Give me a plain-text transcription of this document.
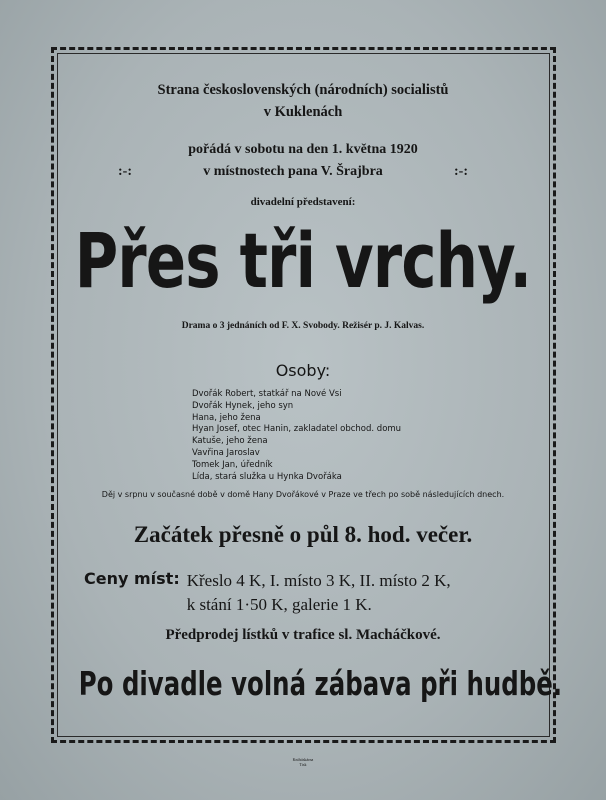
Strana československých (národních) socialistů
v Kuklenách
pořádá v sobotu na den 1. května 1920
:-:	v místnostech pana V. Šrajbra	:-:
divadelní představení:
Přes tři vrchy.
Drama o 3 jednáních od F. X. Svobody. Režisér p. J. Kalvas.
Osoby:
Dvořák Robert, statkář na Nové Vsi
Dvořák Hynek, jeho syn
Hana, jeho žena
Hyan Josef, otec Hanin, zakladatel obchod. domu
Katuše, jeho žena
Vavřina Jaroslav
Tomek Jan, úředník
Lída, stará služka u Hynka Dvořáka
Děj v srpnu v současné době v domě Hany Dvořákové v Praze ve třech po sobě následujících dnech.
Začátek přesně o půl 8. hod. večer.
Ceny míst: Křeslo 4 K, I. místo 3 K, II. místo 2 K,
k stání 1·50 K, galerie 1 K.
Předprodej lístků v trafice sl. Macháčkové.
Po divadle volná zábava při hudbě.
Knihtiskárna
Tisk
